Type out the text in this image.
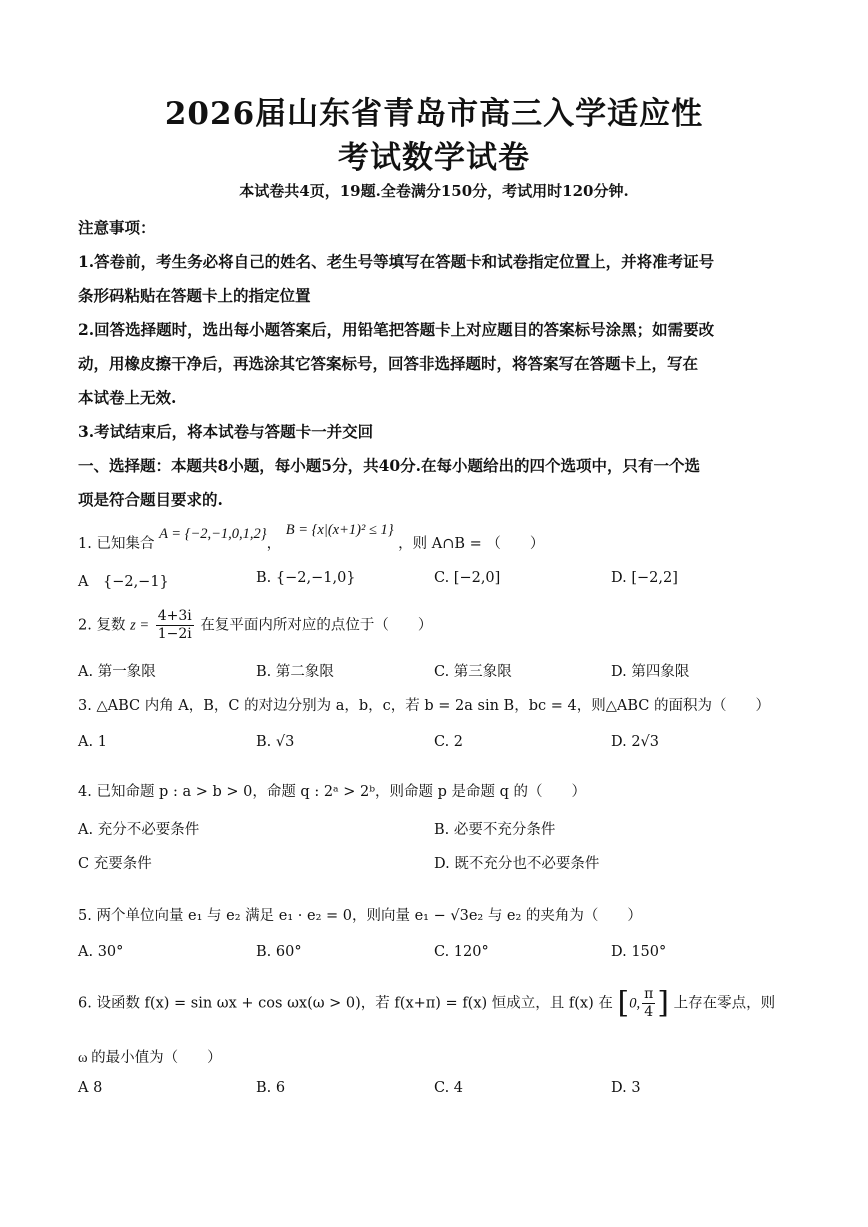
2026届山东省青岛市高三入学适应性
考试数学试卷
本试卷共4页，19题.全卷满分150分，考试用时120分钟.
注意事项：
1.答卷前，考生务必将自己的姓名、老生号等填写在答题卡和试卷指定位置上，并将准考证号
条形码粘贴在答题卡上的指定位置
2.回答选择题时，选出每小题答案后，用铅笔把答题卡上对应题目的答案标号涂黑；如需要改
动，用橡皮擦干净后，再选涂其它答案标号，回答非选择题时，将答案写在答题卡上，写在
本试卷上无效.
3.考试结束后，将本试卷与答题卡一并交回
一、选择题：本题共8小题，每小题5分，共40分.在每小题给出的四个选项中，只有一个选
项是符合题目要求的.
1. 已知集合 A = {−2,−1,0,1,2}， B = {x|(x+1)² ≤ 1} ，则 A∩B = （　　）
A　{−2,−1}	B. {−2,−1,0}	C. [−2,0]	D. [−2,2]
2. 复数 $z = \frac{4+3i}{1-2i}$ 在复平面内所对应的点位于（　　）
A. 第一象限	B. 第二象限	C. 第三象限	D. 第四象限
3. △ABC 内角 A，B，C 的对边分别为 a，b，c，若 b = 2a sin B，bc = 4，则△ABC 的面积为（　　）
A. 1	B. √3	C. 2	D. 2√3
4. 已知命题 p : a > b > 0，命题 q : 2ᵃ > 2ᵇ，则命题 p 是命题 q 的（　　）
A. 充分不必要条件	B. 必要不充分条件
C 充要条件	D. 既不充分也不必要条件
5. 两个单位向量 e₁ 与 e₂ 满足 e₁ · e₂ = 0，则向量 e₁ − √3e₂ 与 e₂ 的夹角为（　　）
A. 30°	B. 60°	C. 120°	D. 150°
6. 设函数 f(x) = sin ωx + cos ωx(ω > 0)，若 f(x+π) = f(x) 恒成立，且 f(x) 在 [0, $\frac{\pi}{4}$ ] 上存在零点，则
ω 的最小值为（　　）
A 8	B. 6	C. 4	D. 3
